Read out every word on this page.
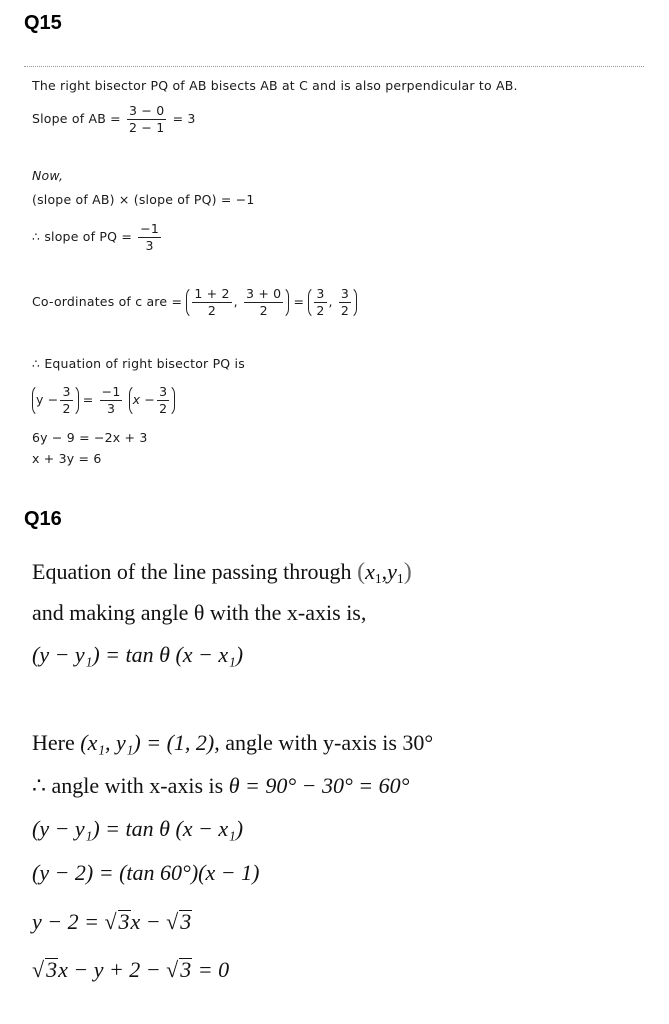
Q15
The right bisector PQ of AB bisects AB at C and is also perpendicular to AB.
Slope of AB = $\frac{3 - 0}{2 - 1} = 3$
Now,
(slope of AB) × (slope of PQ) = −1
∴ slope of PQ = $\frac{-1}{3}$
Co-ordinates of c are = $\frac{1 + 2}{2}$ , $\frac{3 + 0}{2} = \frac{3}{2}$ , $\frac{3}{2}$
∴ Equation of right bisector PQ is
$y - \frac{3}{2} = \frac{-1}{3}$ $x - \frac{3}{2}$
6y − 9 = −2x + 3
x + 3y = 6
Q16
Equation of the line passing through $(x_1,y_1)$
and making angle θ with the x-axis is,
(y − y₁) = tan θ (x − x₁)
Here (x₁, y₁) = (1, 2), angle with y-axis is 30°
∴ angle with x-axis is θ = 90° − 30° = 60°
(y − y₁) = tan θ (x − x₁)
(y − 2) = (tan 60°)(x − 1)
y − 2 = √3x − √3
√3x − y + 2 − √3 = 0
